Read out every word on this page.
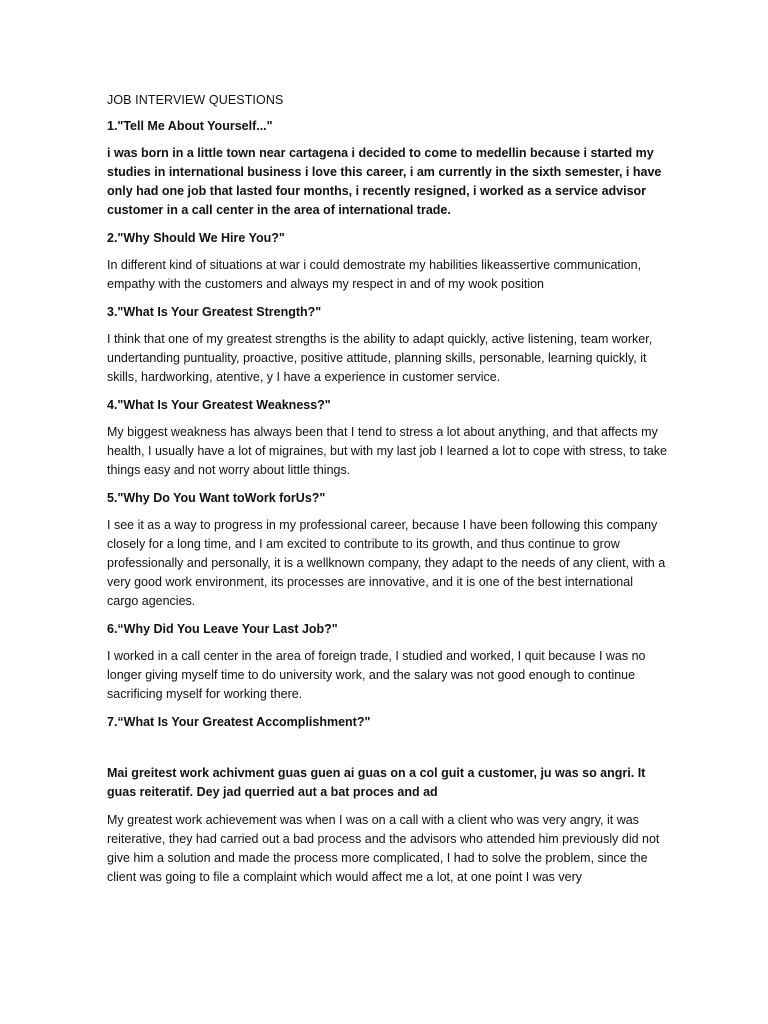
JOB INTERVIEW QUESTIONS

1."Tell Me About Yourself..."

i was born in a little town near cartagena i decided to come to medellin because i started my studies in international business i love this career, i am currently in the sixth semester, i have only had one job that lasted four months, i recently resigned, i worked as a service advisor customer in a call center in the area of international trade.

2."Why Should We Hire You?"

In different kind of situations at war i could demostrate my habilities likeassertive communication, empathy with the customers and always my respect in and of my wook position

3."What Is Your Greatest Strength?"

I think that one of my greatest strengths is the ability to adapt quickly, active listening, team worker, undertanding puntuality, proactive, positive attitude, planning skills, personable, learning quickly, it skills, hardworking, atentive, y I have a experience in customer service.

4."What Is Your Greatest Weakness?"

My biggest weakness has always been that I tend to stress a lot about anything, and that affects my health, I usually have a lot of migraines, but with my last job I learned a lot to cope with stress, to take things easy and not worry about little things.

5."Why Do You Want toWork forUs?"

I see it as a way to progress in my professional career, because I have been following this company closely for a long time, and I am excited to contribute to its growth, and thus continue to grow professionally and personally, it is a wellknown company, they adapt to the needs of any client, with a very good work environment, its processes are innovative, and it is one of the best international cargo agencies.

6.“Why Did You Leave Your Last Job?"

I worked in a call center in the area of foreign trade, I studied and worked, I quit because I was no longer giving myself time to do university work, and the salary was not good enough to continue sacrificing myself for working there.

7.“What Is Your Greatest Accomplishment?"

Mai greitest work achivment guas guen ai guas on a col guit a customer, ju was so angri. It guas reiteratif. Dey jad querried aut a bat proces and ad

My greatest work achievement was when I was on a call with a client who was very angry, it was reiterative, they had carried out a bad process and the advisors who attended him previously did not give him a solution and made the process more complicated, I had to solve the problem, since the client was going to file a complaint which would affect me a lot, at one point I was very
